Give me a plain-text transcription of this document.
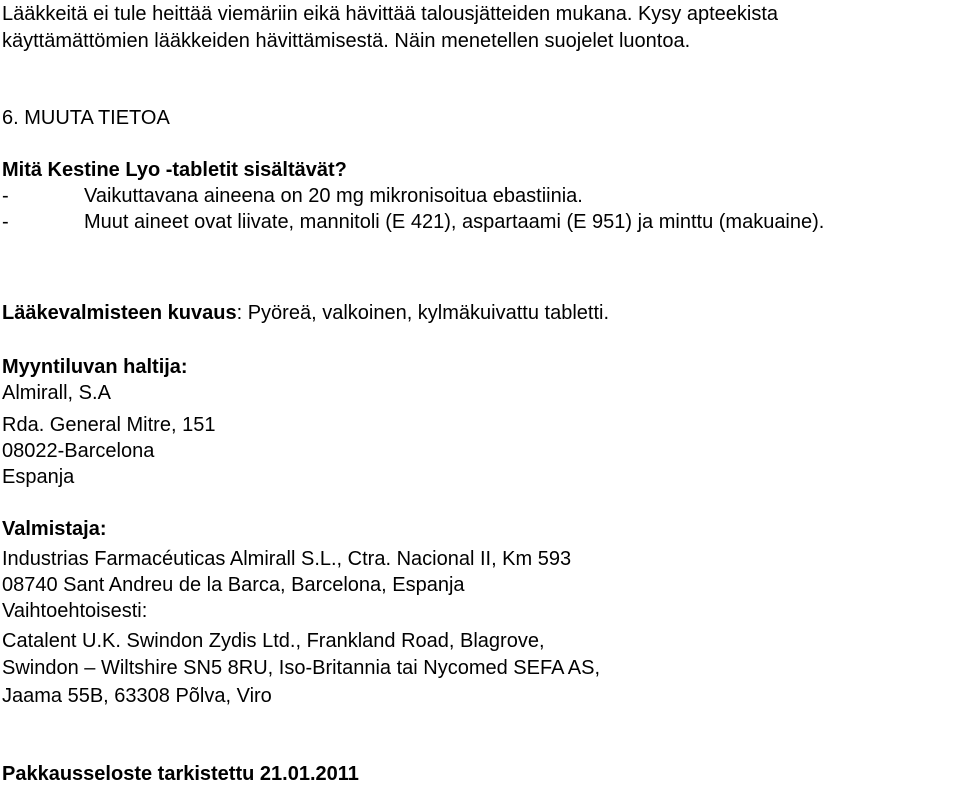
Lääkkeitä ei tule heittää viemäriin eikä hävittää talousjätteiden mukana. Kysy apteekista
käyttämättömien lääkkeiden hävittämisestä. Näin menetellen suojelet luontoa.
6. MUUTA TIETOA
Mitä Kestine Lyo -tabletit sisältävät?
-	Vaikuttavana aineena on 20 mg mikronisoitua ebastiinia.
-	Muut aineet ovat liivate, mannitoli (E 421), aspartaami (E 951) ja minttu (makuaine).
Lääkevalmisteen kuvaus: Pyöreä, valkoinen, kylmäkuivattu tabletti.
Myyntiluvan haltija:
Almirall, S.A
Rda. General Mitre, 151
08022-Barcelona
Espanja
Valmistaja:
Industrias Farmacéuticas Almirall S.L., Ctra. Nacional II, Km 593
08740 Sant Andreu de la Barca, Barcelona, Espanja
Vaihtoehtoisesti:
Catalent U.K. Swindon Zydis Ltd., Frankland Road, Blagrove,
Swindon – Wiltshire SN5 8RU, Iso-Britannia tai Nycomed SEFA AS,
Jaama 55B, 63308 Põlva, Viro
Pakkausseloste tarkistettu 21.01.2011
